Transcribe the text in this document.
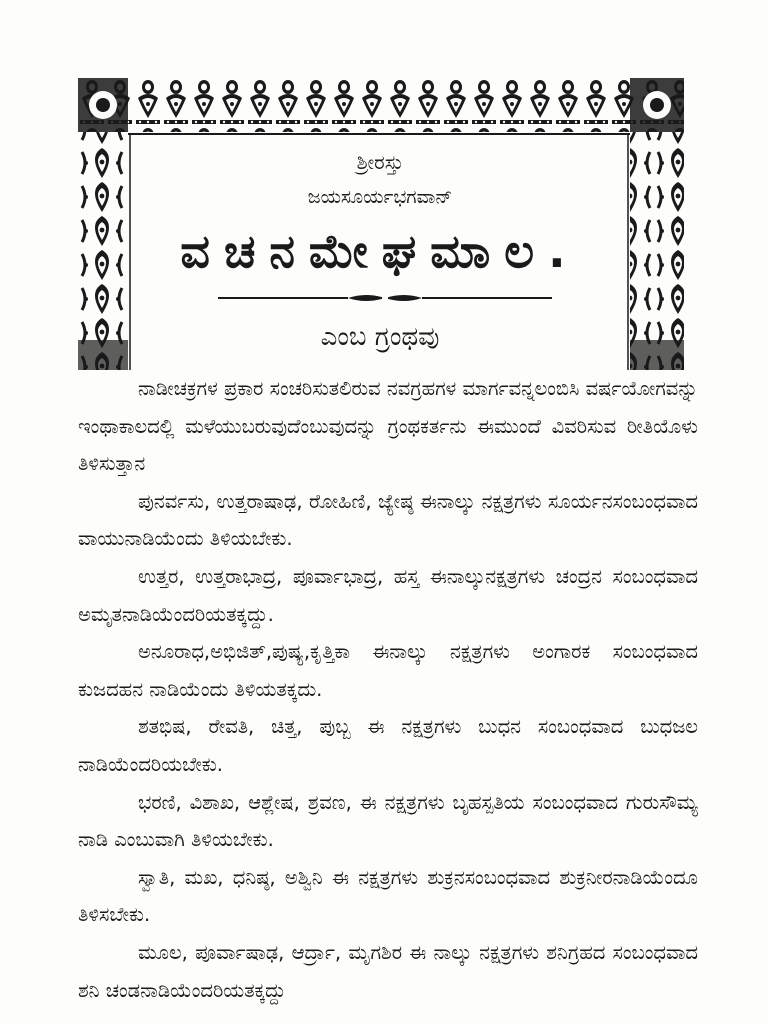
ಶ್ರೀರಸ್ತು
ಜಯಸೂರ್ಯಭಗವಾನ್
ವಚನಮೇಘಮಾಲ.
ಎಂಬ ಗ್ರಂಥವು

ನಾಡೀಚಕ್ರಗಳ ಪ್ರಕಾರ ಸಂಚರಿಸುತಲಿರುವ ನವಗ್ರಹಗಳ ಮಾರ್ಗವನ್ನಲಂಬಿಸಿ ವರ್ಷಯೋಗವನ್ನು ಇಂಥಾಕಾಲದಲ್ಲಿ ಮಳೆಯುಬರುವುದೆಂಬುವುದನ್ನು ಗ್ರಂಥಕರ್ತನು ಈಮುಂದೆ ವಿವರಿಸುವ ರೀತಿಯೊಳು ತಿಳಿಸುತ್ತಾನ

ಪುನರ್ವಸು, ಉತ್ತರಾಷಾಢ, ರೋಹಿಣಿ, ಜ್ಯೇಷ್ಠ ಈನಾಲ್ಕು ನಕ್ಷತ್ರಗಳು ಸೂರ್ಯನಸಂಬಂಧವಾದ ವಾಯುನಾಡಿಯೆಂದು ತಿಳಿಯಬೇಕು.

ಉತ್ತರ, ಉತ್ತರಾಭಾದ್ರ, ಪೂರ್ವಾಭಾದ್ರ, ಹಸ್ತ ಈನಾಲ್ಕುನಕ್ಷತ್ರಗಳು ಚಂದ್ರನ ಸಂಬಂಧವಾದ ಅಮೃತನಾಡಿಯೆಂದರಿಯತಕ್ಕದ್ದು.

ಅನೂರಾಧ,ಅಭಿಜಿತ್,ಪುಷ್ಯ,ಕೃತ್ತಿಕಾ ಈನಾಲ್ಕು ನಕ್ಷತ್ರಗಳು ಅಂಗಾರಕ ಸಂಬಂಧವಾದ ಕುಜದಹನ ನಾಡಿಯೆಂದು ತಿಳಿಯತಕ್ಕದು.

ಶತಭಿಷ, ರೇವತಿ, ಚಿತ್ತ, ಪುಬ್ಬ ಈ ನಕ್ಷತ್ರಗಳು ಬುಧನ ಸಂಬಂಧವಾದ ಬುಧಜಲ ನಾಡಿಯೆಂದರಿಯಬೇಕು.

ಭರಣಿ, ವಿಶಾಖ, ಆಶ್ಲೇಷ, ಶ್ರವಣ, ಈ ನಕ್ಷತ್ರಗಳು ಬೃಹಸ್ಪತಿಯ ಸಂಬಂಧವಾದ ಗುರುಸೌಮ್ಯ ನಾಡಿ ಎಂಬುವಾಗಿ ತಿಳಿಯಬೇಕು.

ಸ್ವಾತಿ, ಮಖ, ಧನಿಷ್ಠ, ಅಶ್ವಿನಿ ಈ ನಕ್ಷತ್ರಗಳು ಶುಕ್ರನಸಂಬಂಧವಾದ ಶುಕ್ರನೀರನಾಡಿಯೆಂದೂ ತಿಳಿಸಬೇಕು.

ಮೂಲ, ಪೂರ್ವಾಷಾಢ, ಆರ್ದ್ರಾ, ಮೃಗಶಿರ ಈ ನಾಲ್ಕು ನಕ್ಷತ್ರಗಳು ಶನಿಗ್ರಹದ ಸಂಬಂಧವಾದ ಶನಿ ಚಂಡನಾಡಿಯೆಂದರಿಯತಕ್ಕದ್ದು
